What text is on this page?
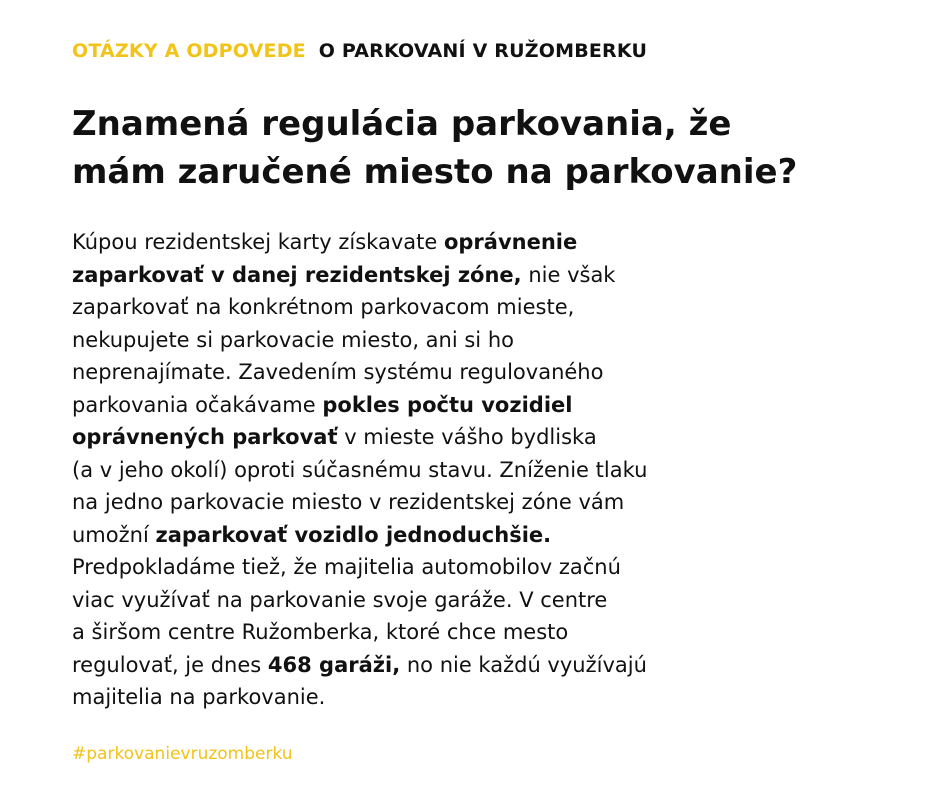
OTÁZKY A ODPOVEDE O PARKOVANÍ V RUŽOMBERKU
Znamená regulácia parkovania, že
mám zaručené miesto na parkovanie?

Kúpou rezidentskej karty získavate oprávnenie
zaparkovať v danej rezidentskej zóne, nie však
zaparkovať na konkrétnom parkovacom mieste,
nekupujete si parkovacie miesto, ani si ho
neprenajímate. Zavedením systému regulovaného
parkovania očakávame pokles počtu vozidiel
oprávnených parkovať v mieste vášho bydliska
(a v jeho okolí) oproti súčasnému stavu. Zníženie tlaku
na jedno parkovacie miesto v rezidentskej zóne vám
umožní zaparkovať vozidlo jednoduchšie.
Predpokladáme tiež, že majitelia automobilov začnú
viac využívať na parkovanie svoje garáže. V centre
a širšom centre Ružomberka, ktoré chce mesto
regulovať, je dnes 468 garáži, no nie každú využívajú
majitelia na parkovanie.

#parkovanievruzomberku
